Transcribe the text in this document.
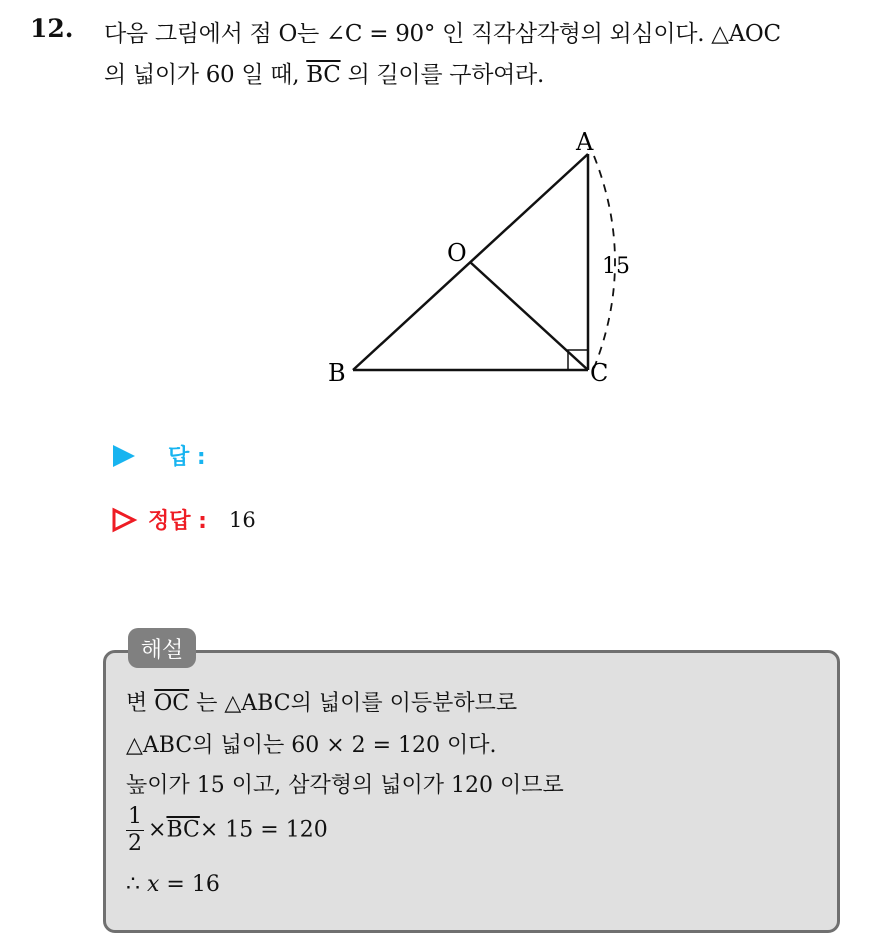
12. 다음 그림에서 점 O는 ∠C = 90° 인 직각삼각형의 외심이다. △AOC
의 넓이가 60 일 때, $\overline{BC}$ 의 길이를 구하여라.
A
B	C
O	15
답 :
정답 : 16
해설
변 $\overline{OC}$ 는 △ABC의 넓이를 이등분하므로
△ABC의 넓이는 60 × 2 = 120 이다.
높이가 15 이고, 삼각형의 넓이가 120 이므로
$\frac{1}{2} \times\overline{BC}\times 15 = 120$
∴ x = 16
